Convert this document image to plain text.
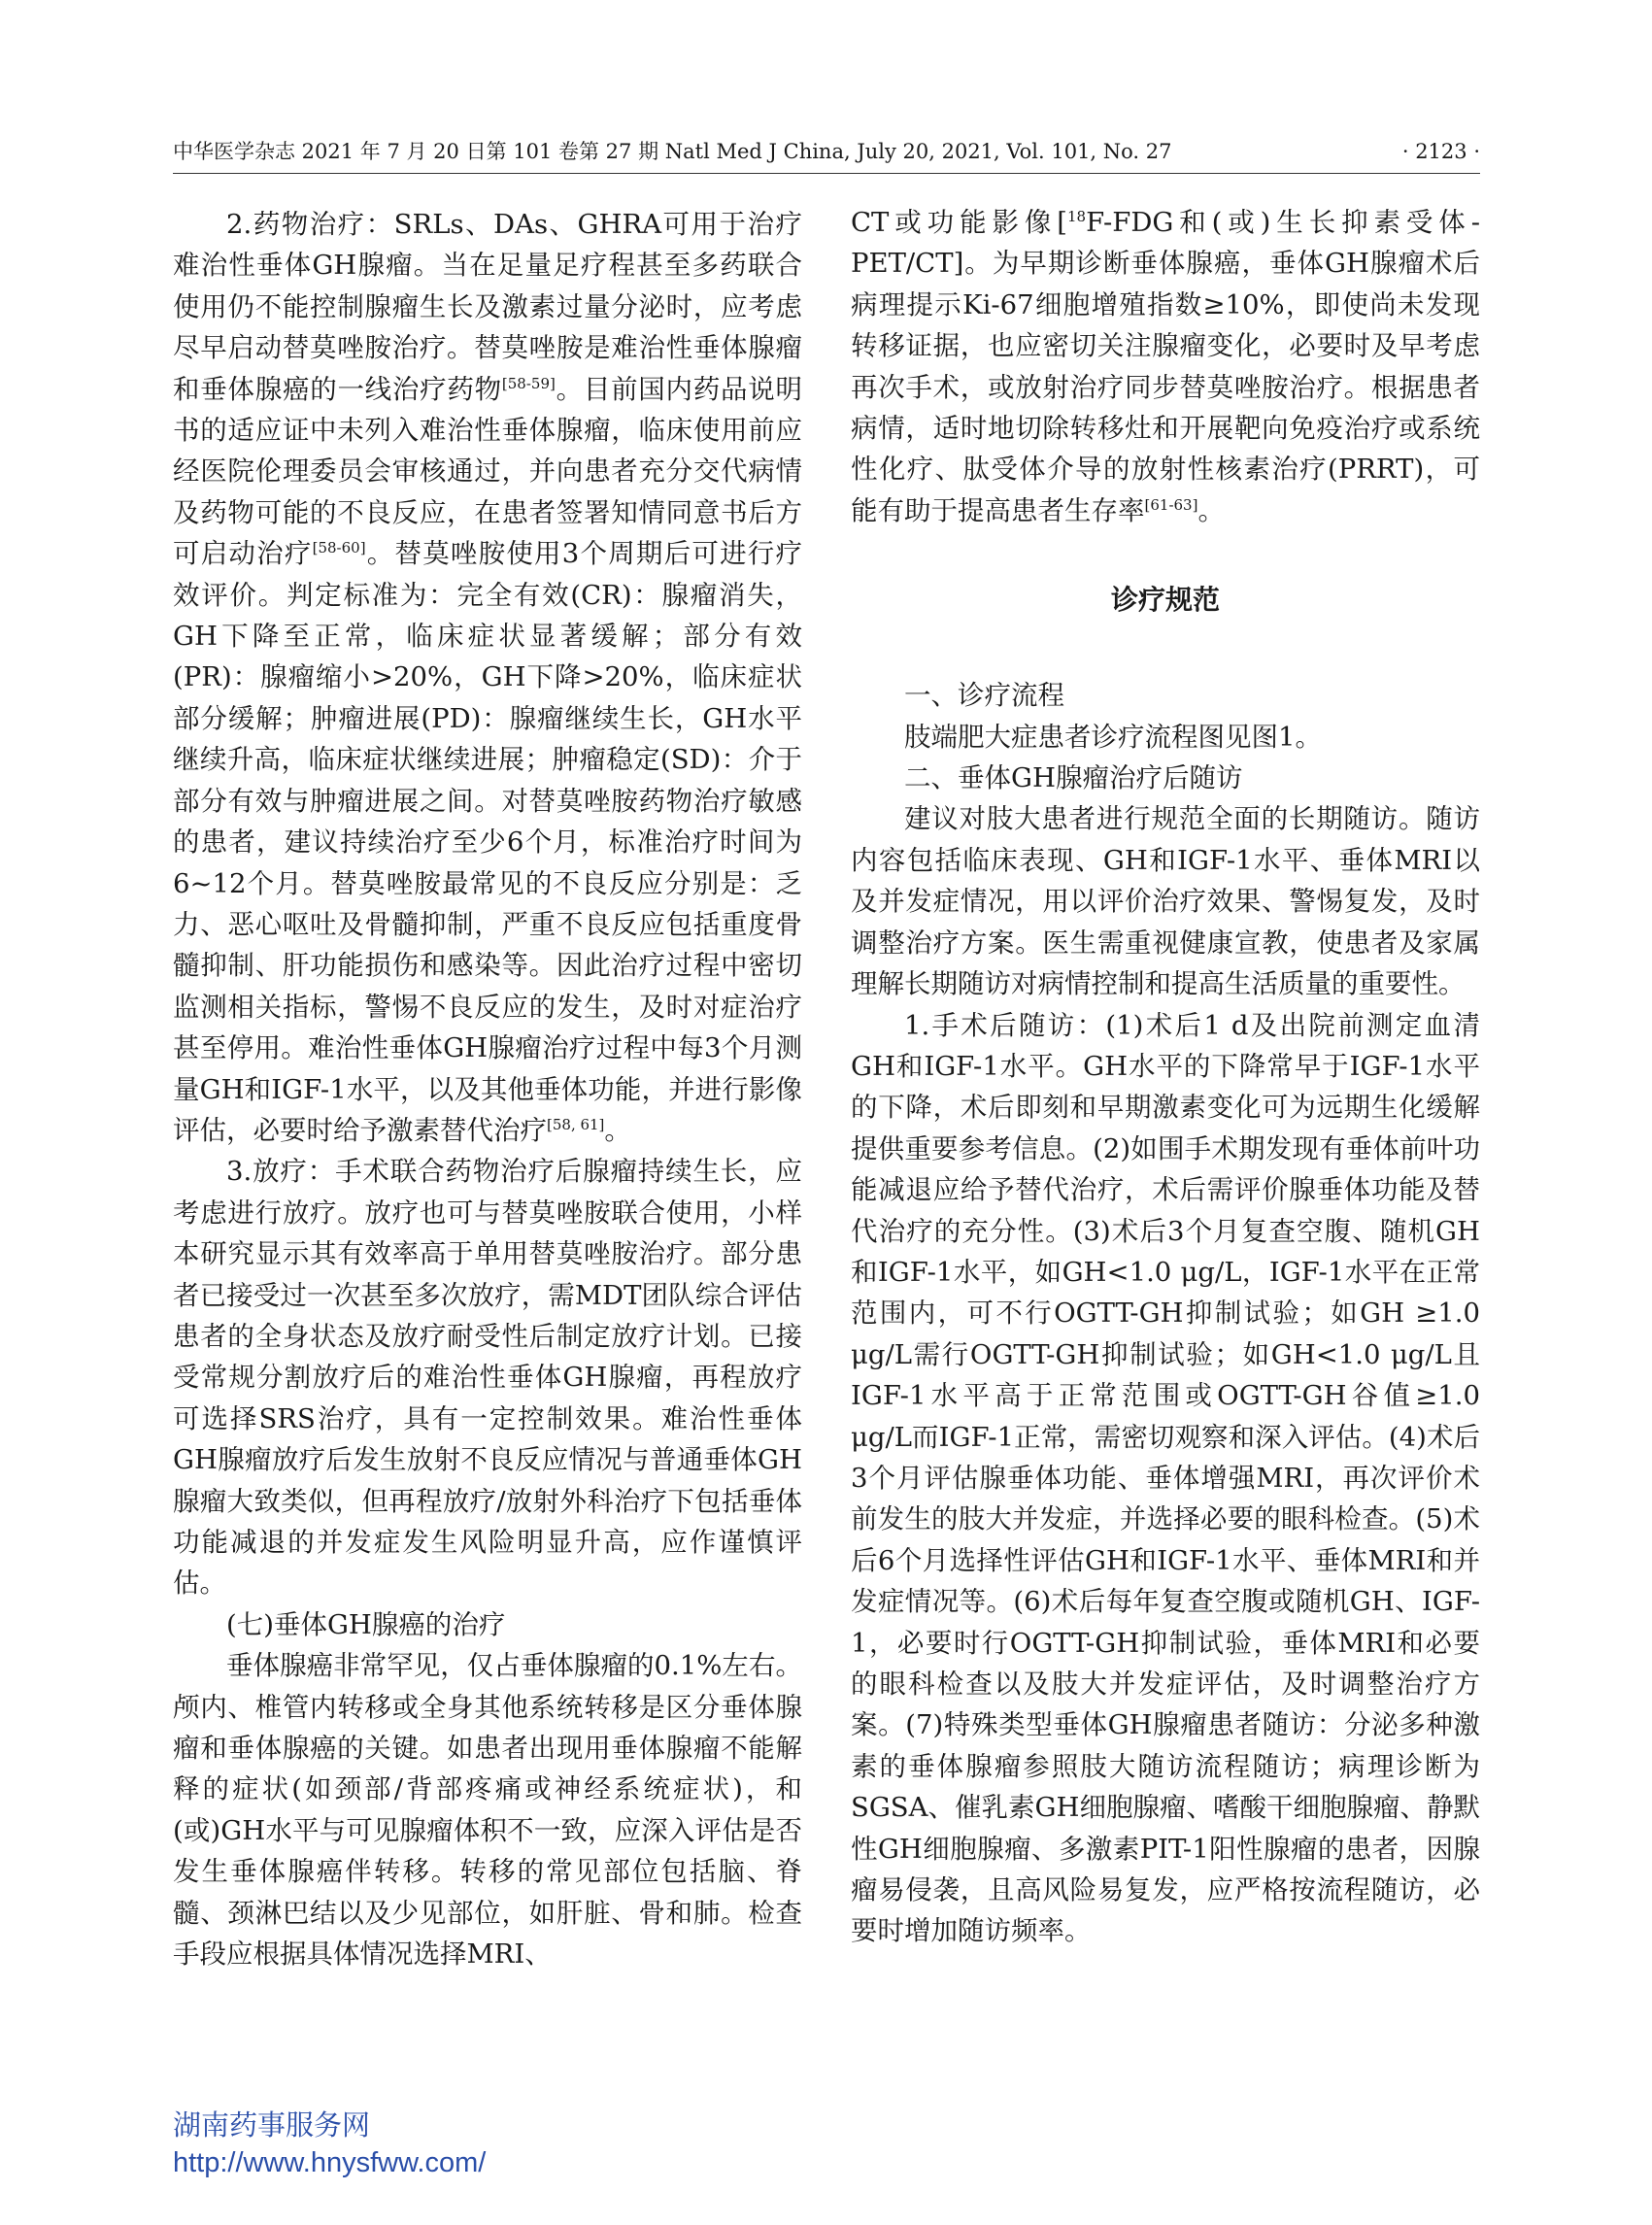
中华医学杂志 2021 年 7 月 20 日第 101 卷第 27 期 Natl Med J China, July 20, 2021, Vol. 101, No. 27	· 2123 ·

2.药物治疗：SRLs、DAs、GHRA可用于治疗难治性垂体GH腺瘤。当在足量足疗程甚至多药联合使用仍不能控制腺瘤生长及激素过量分泌时，应考虑尽早启动替莫唑胺治疗。替莫唑胺是难治性垂体腺瘤和垂体腺癌的一线治疗药物[58-59]。目前国内药品说明书的适应证中未列入难治性垂体腺瘤，临床使用前应经医院伦理委员会审核通过，并向患者充分交代病情及药物可能的不良反应，在患者签署知情同意书后方可启动治疗[58-60]。替莫唑胺使用3个周期后可进行疗效评价。判定标准为：完全有效(CR)：腺瘤消失，GH下降至正常，临床症状显著缓解；部分有效(PR)：腺瘤缩小>20%，GH下降>20%，临床症状部分缓解；肿瘤进展(PD)：腺瘤继续生长，GH水平继续升高，临床症状继续进展；肿瘤稳定(SD)：介于部分有效与肿瘤进展之间。对替莫唑胺药物治疗敏感的患者，建议持续治疗至少6个月，标准治疗时间为6~12个月。替莫唑胺最常见的不良反应分别是：乏力、恶心呕吐及骨髓抑制，严重不良反应包括重度骨髓抑制、肝功能损伤和感染等。因此治疗过程中密切监测相关指标，警惕不良反应的发生，及时对症治疗甚至停用。难治性垂体GH腺瘤治疗过程中每3个月测量GH和IGF-1水平，以及其他垂体功能，并进行影像评估，必要时给予激素替代治疗[58, 61]。

3.放疗：手术联合药物治疗后腺瘤持续生长，应考虑进行放疗。放疗也可与替莫唑胺联合使用，小样本研究显示其有效率高于单用替莫唑胺治疗。部分患者已接受过一次甚至多次放疗，需MDT团队综合评估患者的全身状态及放疗耐受性后制定放疗计划。已接受常规分割放疗后的难治性垂体GH腺瘤，再程放疗可选择SRS治疗，具有一定控制效果。难治性垂体GH腺瘤放疗后发生放射不良反应情况与普通垂体GH腺瘤大致类似，但再程放疗/放射外科治疗下包括垂体功能减退的并发症发生风险明显升高，应作谨慎评估。

(七)垂体GH腺癌的治疗

垂体腺癌非常罕见，仅占垂体腺瘤的0.1%左右。颅内、椎管内转移或全身其他系统转移是区分垂体腺瘤和垂体腺癌的关键。如患者出现用垂体腺瘤不能解释的症状(如颈部/背部疼痛或神经系统症状)，和(或)GH水平与可见腺瘤体积不一致，应深入评估是否发生垂体腺癌伴转移。转移的常见部位包括脑、脊髓、颈淋巴结以及少见部位，如肝脏、骨和肺。检查手段应根据具体情况选择MRI、

CT或功能影像[$^{18}$F-FDG和(或)生长抑素受体-PET/CT]。为早期诊断垂体腺癌，垂体GH腺瘤术后病理提示Ki-67细胞增殖指数≥10%，即使尚未发现转移证据，也应密切关注腺瘤变化，必要时及早考虑再次手术，或放射治疗同步替莫唑胺治疗。根据患者病情，适时地切除转移灶和开展靶向免疫治疗或系统性化疗、肽受体介导的放射性核素治疗(PRRT)，可能有助于提高患者生存率[61-63]。

诊疗规范

一、诊疗流程

肢端肥大症患者诊疗流程图见图1。

二、垂体GH腺瘤治疗后随访

建议对肢大患者进行规范全面的长期随访。随访内容包括临床表现、GH和IGF-1水平、垂体MRI以及并发症情况，用以评价治疗效果、警惕复发，及时调整治疗方案。医生需重视健康宣教，使患者及家属理解长期随访对病情控制和提高生活质量的重要性。

1.手术后随访：(1)术后1 d及出院前测定血清GH和IGF-1水平。GH水平的下降常早于IGF-1水平的下降，术后即刻和早期激素变化可为远期生化缓解提供重要参考信息。(2)如围手术期发现有垂体前叶功能减退应给予替代治疗，术后需评价腺垂体功能及替代治疗的充分性。(3)术后3个月复查空腹、随机GH和IGF-1水平，如GH<1.0 μg/L，IGF-1水平在正常范围内，可不行OGTT-GH抑制试验；如GH ≥1.0 μg/L需行OGTT-GH抑制试验；如GH<1.0 μg/L且IGF-1水平高于正常范围或OGTT-GH谷值≥1.0 μg/L而IGF-1正常，需密切观察和深入评估。(4)术后3个月评估腺垂体功能、垂体增强MRI，再次评价术前发生的肢大并发症，并选择必要的眼科检查。(5)术后6个月选择性评估GH和IGF-1水平、垂体MRI和并发症情况等。(6)术后每年复查空腹或随机GH、IGF-1，必要时行OGTT-GH抑制试验，垂体MRI和必要的眼科检查以及肢大并发症评估，及时调整治疗方案。(7)特殊类型垂体GH腺瘤患者随访：分泌多种激素的垂体腺瘤参照肢大随访流程随访；病理诊断为SGSA、催乳素GH细胞腺瘤、嗜酸干细胞腺瘤、静默性GH细胞腺瘤、多激素PIT-1阳性腺瘤的患者，因腺瘤易侵袭，且高风险易复发，应严格按流程随访，必要时增加随访频率。

湖南药事服务网
http://www.hnysfww.com/
